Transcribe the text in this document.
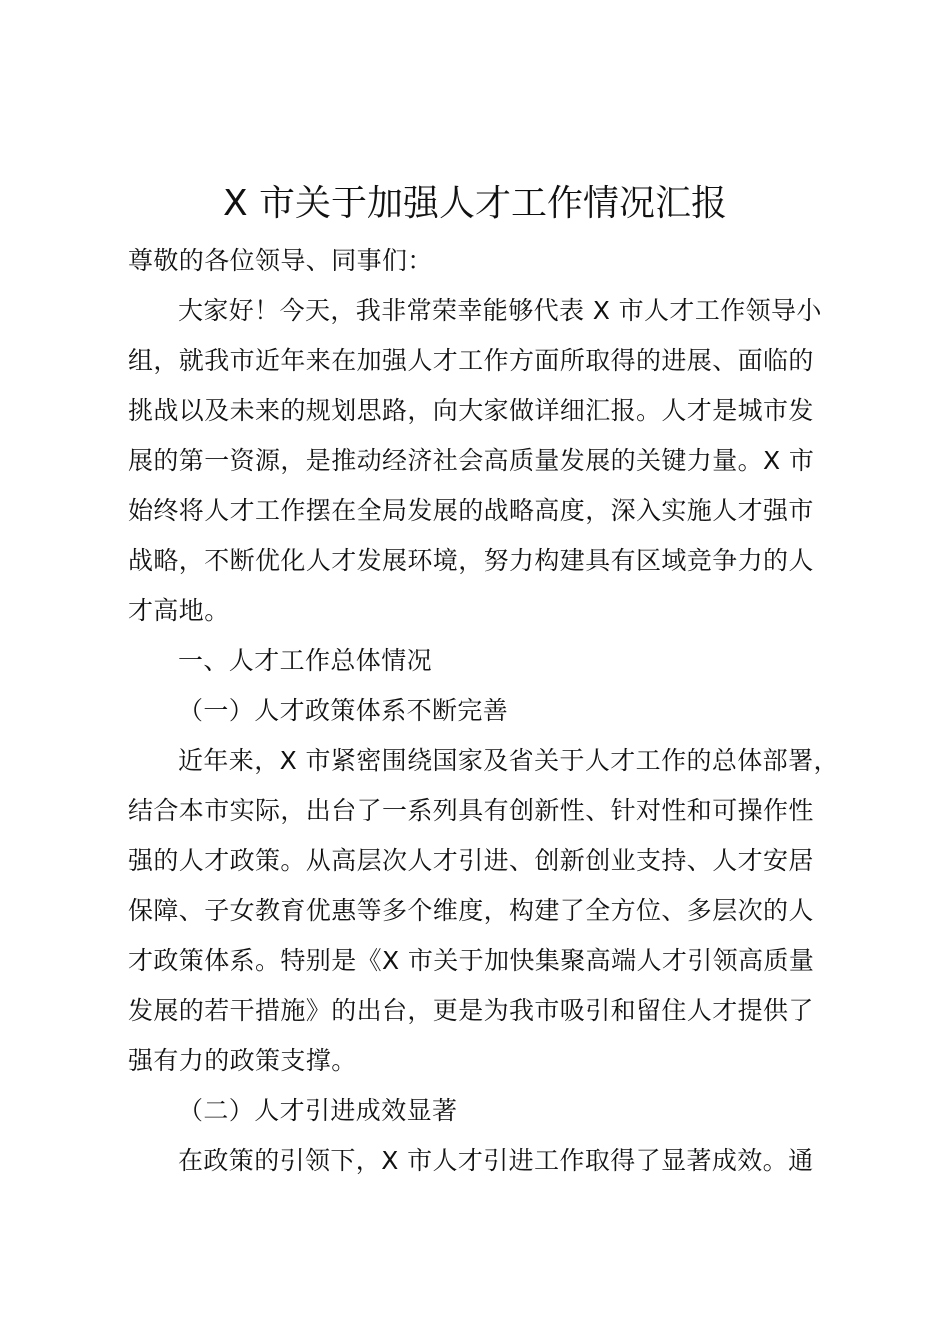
X 市关于加强人才工作情况汇报
尊敬的各位领导、同事们：
大家好！今天，我非常荣幸能够代表 X 市人才工作领导小
组，就我市近年来在加强人才工作方面所取得的进展、面临的
挑战以及未来的规划思路，向大家做详细汇报。人才是城市发
展的第一资源，是推动经济社会高质量发展的关键力量。X 市
始终将人才工作摆在全局发展的战略高度，深入实施人才强市
战略，不断优化人才发展环境，努力构建具有区域竞争力的人
才高地。
一、人才工作总体情况
（一）人才政策体系不断完善
近年来，X 市紧密围绕国家及省关于人才工作的总体部署，
结合本市实际，出台了一系列具有创新性、针对性和可操作性
强的人才政策。从高层次人才引进、创新创业支持、人才安居
保障、子女教育优惠等多个维度，构建了全方位、多层次的人
才政策体系。特别是《X 市关于加快集聚高端人才引领高质量
发展的若干措施》的出台，更是为我市吸引和留住人才提供了
强有力的政策支撑。
（二）人才引进成效显著
在政策的引领下，X 市人才引进工作取得了显著成效。通
